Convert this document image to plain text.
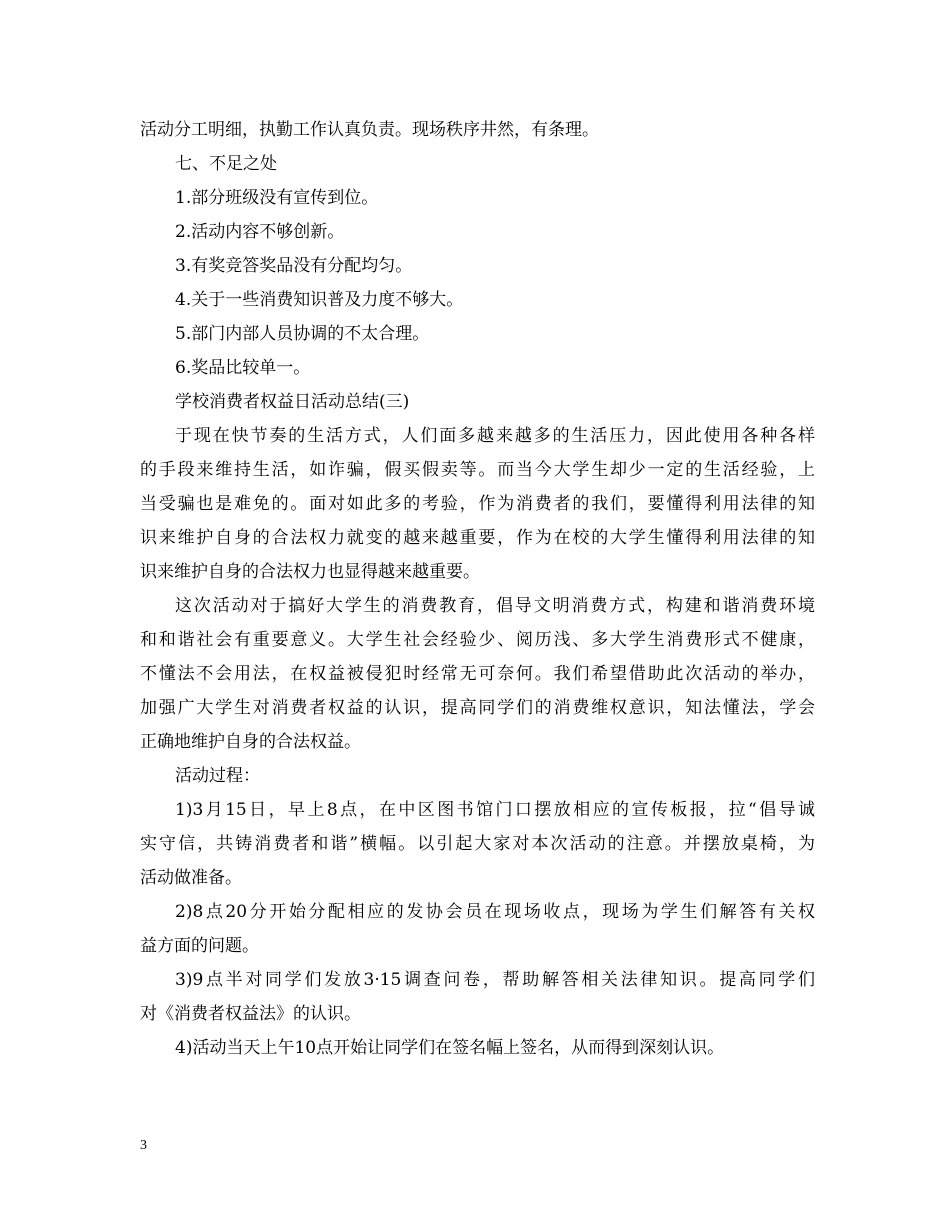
活动分工明细，执勤工作认真负责。现场秩序井然，有条理。
七、不足之处
1.部分班级没有宣传到位。
2.活动内容不够创新。
3.有奖竞答奖品没有分配均匀。
4.关于一些消费知识普及力度不够大。
5.部门内部人员协调的不太合理。
6.奖品比较单一。
学校消费者权益日活动总结(三)
于现在快节奏的生活方式，人们面多越来越多的生活压力，因此使用各种各样
的手段来维持生活，如诈骗，假买假卖等。而当今大学生却少一定的生活经验，上
当受骗也是难免的。面对如此多的考验，作为消费者的我们，要懂得利用法律的知
识来维护自身的合法权力就变的越来越重要，作为在校的大学生懂得利用法律的知
识来维护自身的合法权力也显得越来越重要。
这次活动对于搞好大学生的消费教育，倡导文明消费方式，构建和谐消费环境
和和谐社会有重要意义。大学生社会经验少、阅历浅、多大学生消费形式不健康，
不懂法不会用法，在权益被侵犯时经常无可奈何。我们希望借助此次活动的举办，
加强广大学生对消费者权益的认识，提高同学们的消费维权意识，知法懂法，学会
正确地维护自身的合法权益。
活动过程：
1)3月15日，早上8点，在中区图书馆门口摆放相应的宣传板报，拉“倡导诚
实守信，共铸消费者和谐”横幅。以引起大家对本次活动的注意。并摆放桌椅，为
活动做准备。
2)8点20分开始分配相应的发协会员在现场收点，现场为学生们解答有关权
益方面的问题。
3)9点半对同学们发放3·15调查问卷，帮助解答相关法律知识。提高同学们
对《消费者权益法》的认识。
4)活动当天上午10点开始让同学们在签名幅上签名，从而得到深刻认识。
3
